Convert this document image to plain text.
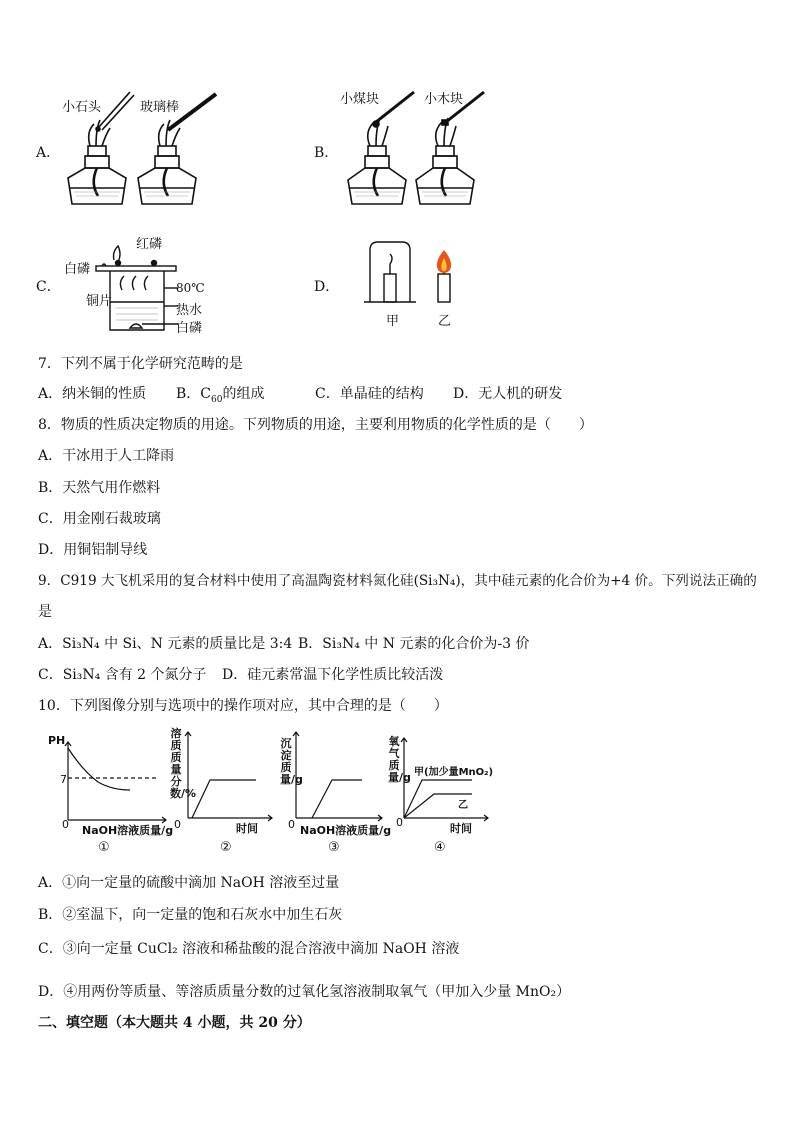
A．
小石头	玻璃棒
B．
小煤块	小木块
C．
红磷
白磷
铜片
80℃
热水
白磷
D．
甲	乙
7．下列不属于化学研究范畴的是
A．纳米铜的性质 B．$C_{60}$的组成	C．单晶硅的结构 D．无人机的研发
8．物质的性质决定物质的用途。下列物质的用途，主要利用物质的化学性质的是（　　）
A．干冰用于人工降雨
B．天然气用作燃料
C．用金刚石裁玻璃
D．用铜铝制导线
9．C919 大飞机采用的复合材料中使用了高温陶瓷材料氮化硅(Si₃N₄)，其中硅元素的化合价为+4 价。下列说法正确的
是
A．Si₃N₄ 中 Si、N 元素的质量比是 3:4 B．Si₃N₄ 中 N 元素的化合价为-3 价
C．Si₃N₄ 含有 2 个氮分子 D．硅元素常温下化学性质比较活泼
10．下列图像分别与选项中的操作项对应，其中合理的是（　　）
PH
7
0 NaOH溶液质量/g
①
溶质质量分数/%
0	时间
②
沉淀质量/g
0 NaOH溶液质量/g
③
氧气质量/g
0	时间
④
甲(加少量MnO₂)
乙
A．①向一定量的硫酸中滴加 NaOH 溶液至过量
B．②室温下，向一定量的饱和石灰水中加生石灰
C．③向一定量 CuCl₂ 溶液和稀盐酸的混合溶液中滴加 NaOH 溶液
D．④用两份等质量、等溶质质量分数的过氧化氢溶液制取氧气（甲加入少量 MnO₂）
二、填空题（本大题共 4 小题，共 20 分）
